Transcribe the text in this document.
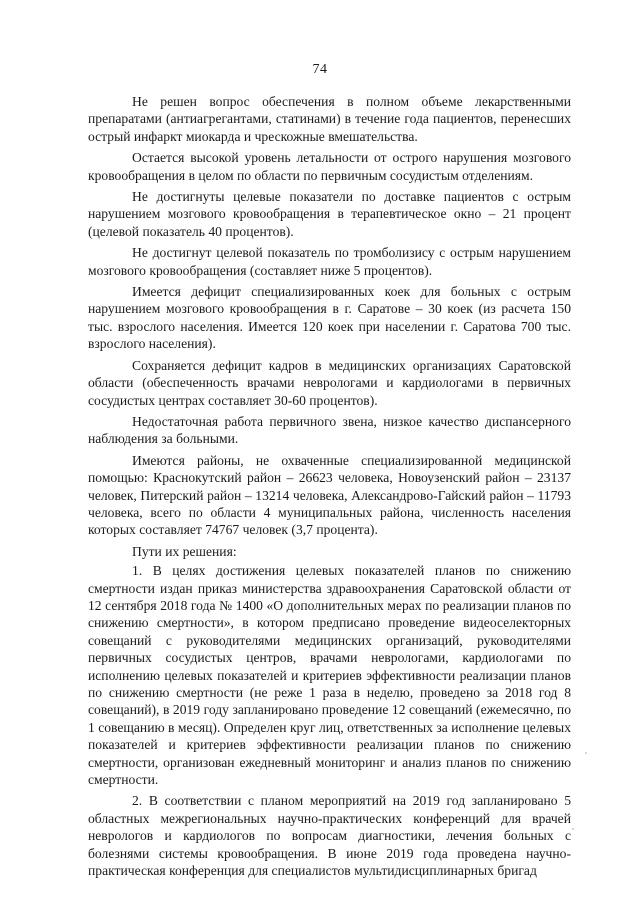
74

Не решен вопрос обеспечения в полном объеме лекарственными препаратами (антиагрегантами, статинами) в течение года пациентов, перенесших острый инфаркт миокарда и чрескожные вмешательства.

Остается высокой уровень летальности от острого нарушения мозгового кровообращения в целом по области по первичным сосудистым отделениям.

Не достигнуты целевые показатели по доставке пациентов с острым нарушением мозгового кровообращения в терапевтическое окно – 21 процент (целевой показатель 40 процентов).

Не достигнут целевой показатель по тромболизису с острым нарушением мозгового кровообращения (составляет ниже 5 процентов).

Имеется дефицит специализированных коек для больных с острым нарушением мозгового кровообращения в г. Саратове – 30 коек (из расчета 150 тыс. взрослого населения. Имеется 120 коек при населении г. Саратова 700 тыс. взрослого населения).

Сохраняется дефицит кадров в медицинских организациях Саратовской области (обеспеченность врачами неврологами и кардиологами в первичных сосудистых центрах составляет 30-60 процентов).

Недостаточная работа первичного звена, низкое качество диспансерного наблюдения за больными.

Имеются районы, не охваченные специализированной медицинской помощью: Краснокутский район – 26623 человека, Новоузенский район – 23137 человек, Питерский район – 13214 человека, Александрово-Гайский район – 11793 человека, всего по области 4 муниципальных района, численность населения которых составляет 74767 человек (3,7 процента).

Пути их решения:

1. В целях достижения целевых показателей планов по снижению смертности издан приказ министерства здравоохранения Саратовской области от 12 сентября 2018 года № 1400 «О дополнительных мерах по реализации планов по снижению смертности», в котором предписано проведение видеоселекторных совещаний с руководителями медицинских организаций, руководителями первичных сосудистых центров, врачами неврологами, кардиологами по исполнению целевых показателей и критериев эффективности реализации планов по снижению смертности (не реже 1 раза в неделю, проведено за 2018 год 8 совещаний), в 2019 году запланировано проведение 12 совещаний (ежемесячно, по 1 совещанию в месяц). Определен круг лиц, ответственных за исполнение целевых показателей и критериев эффективности реализации планов по снижению смертности, организован ежедневный мониторинг и анализ планов по снижению смертности.

2. В соответствии с планом мероприятий на 2019 год запланировано 5 областных межрегиональных научно-практических конференций для врачей неврологов и кардиологов по вопросам диагностики, лечения больных с болезнями системы кровообращения. В июне 2019 года проведена научно-практическая конференция для специалистов мультидисциплинарных бригад
